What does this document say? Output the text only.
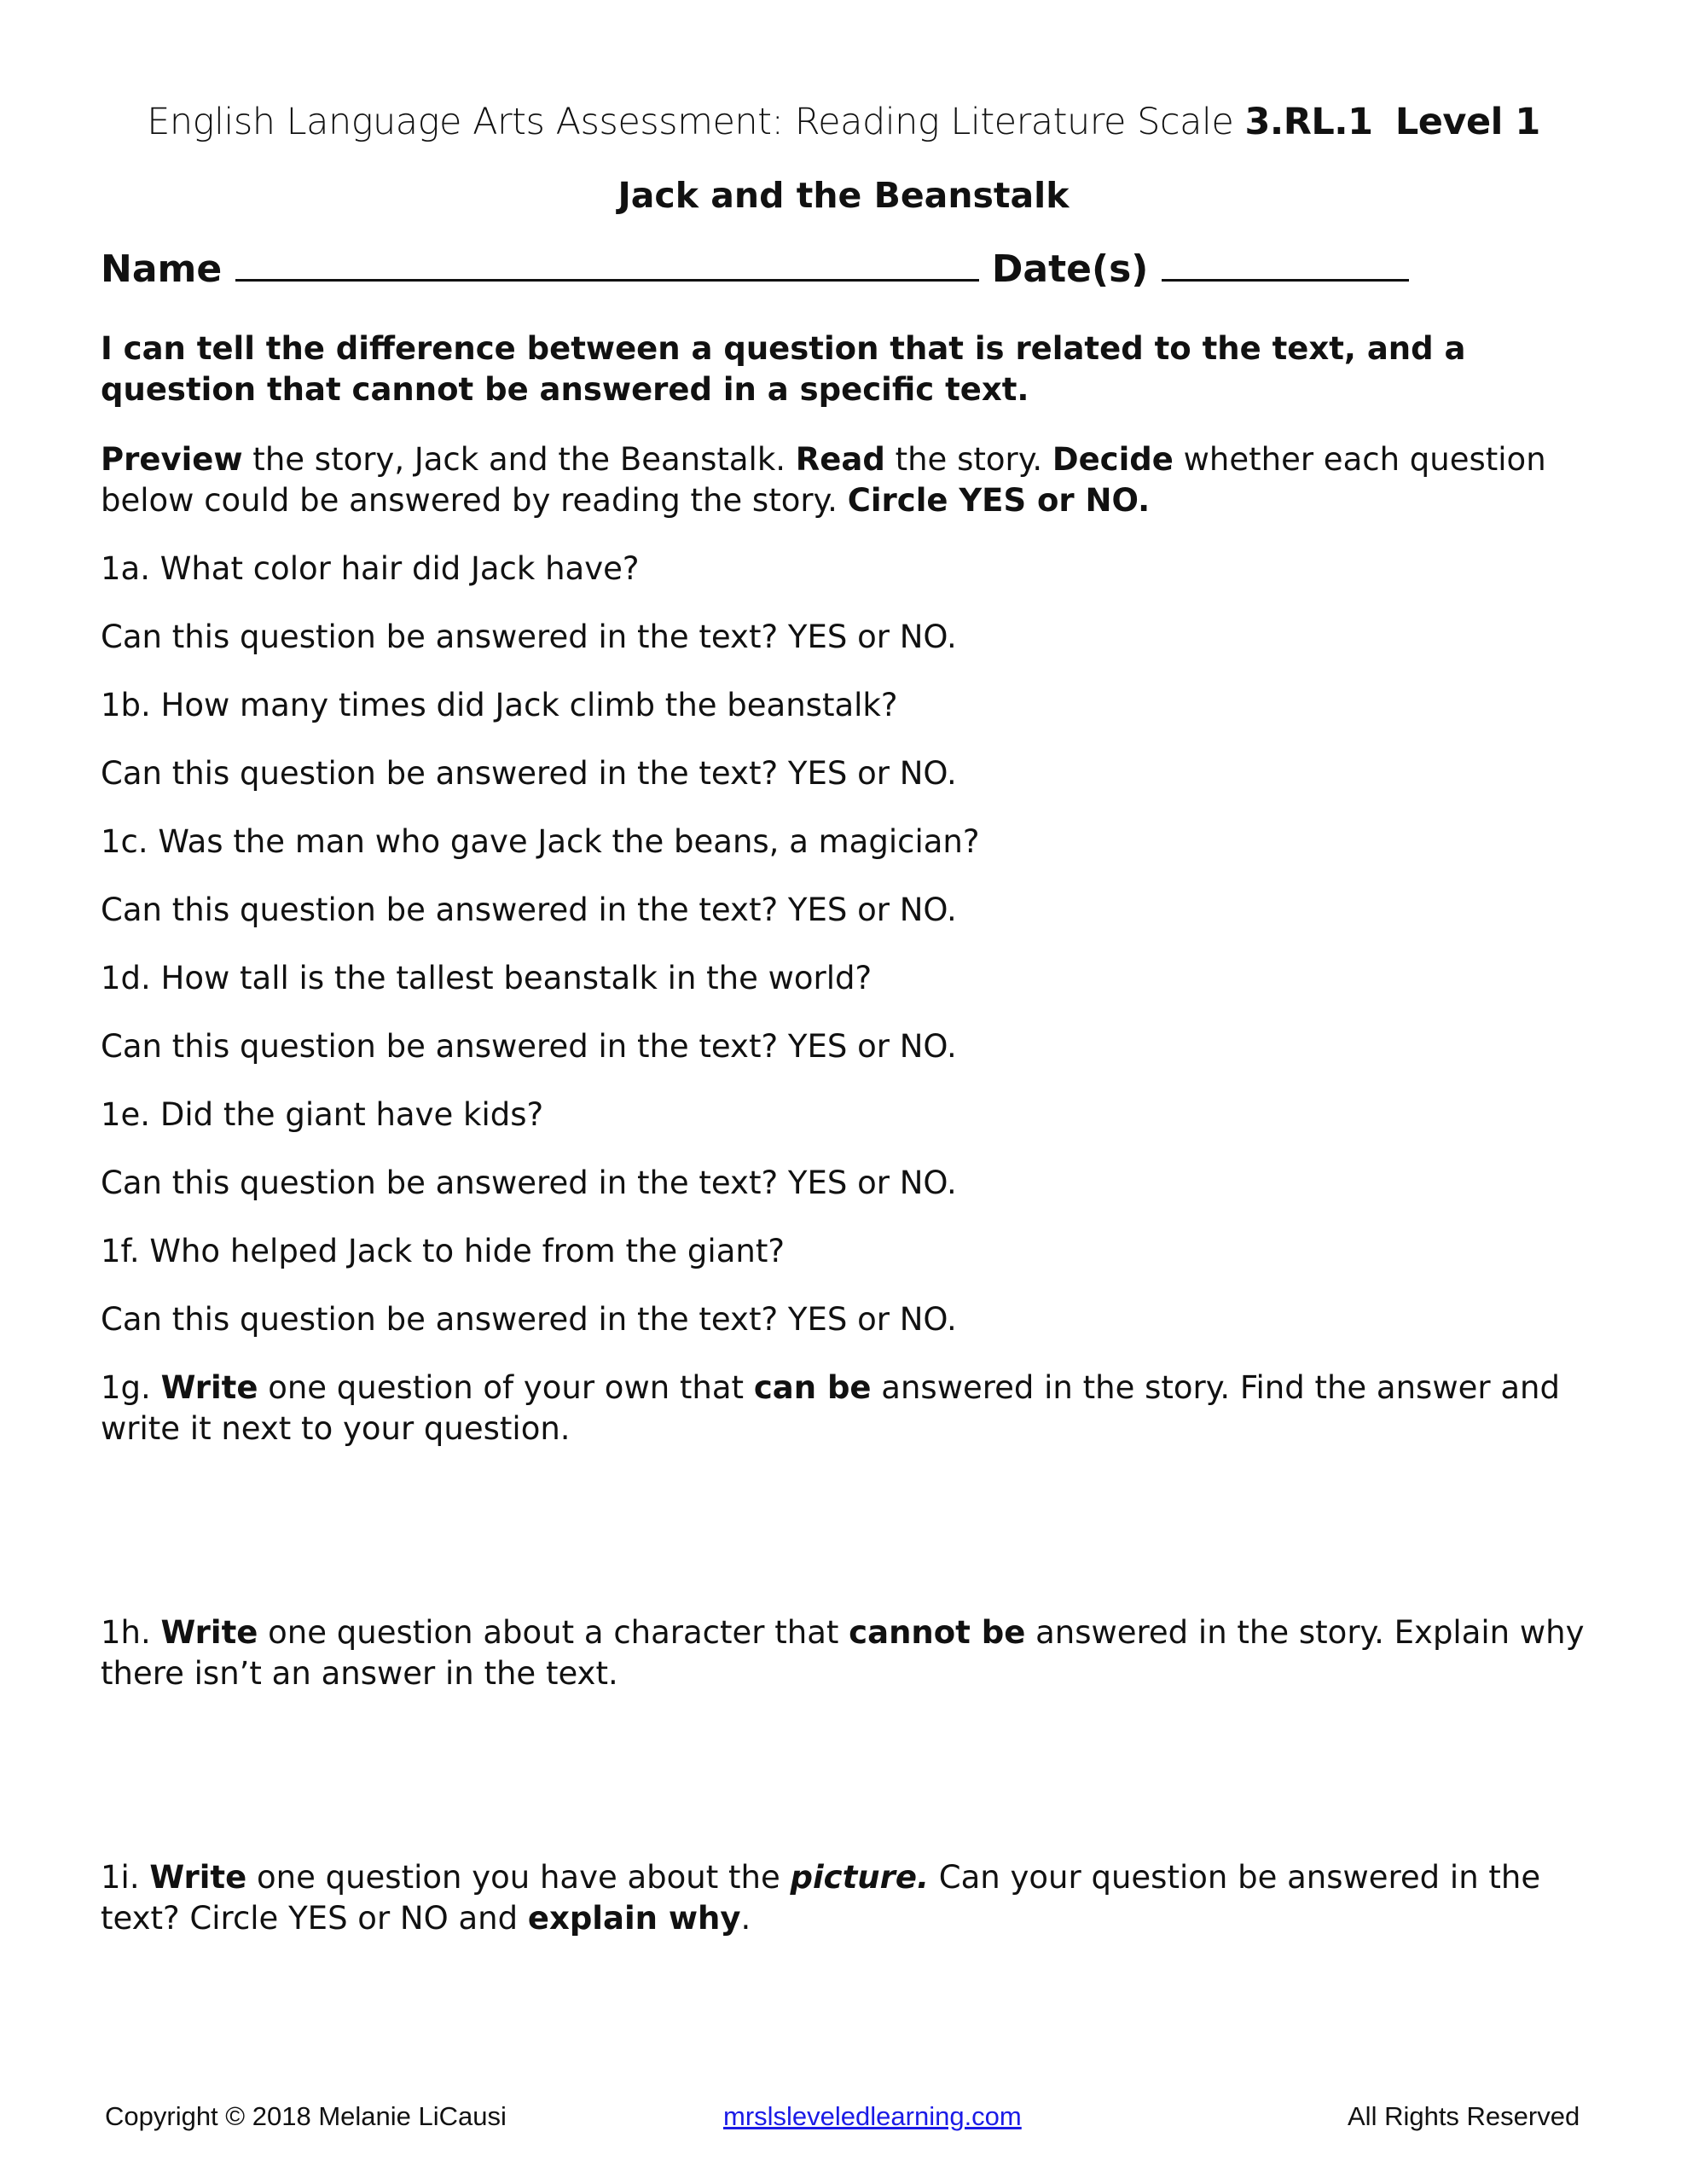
English Language Arts Assessment: Reading Literature Scale 3.RL.1 Level 1
Jack and the Beanstalk
Name	Date(s)
I can tell the difference between a question that is related to the text, and a question that cannot be answered in a specific text.
Preview the story, Jack and the Beanstalk. Read the story. Decide whether each question below could be answered by reading the story. Circle YES or NO.
1a. What color hair did Jack have?
Can this question be answered in the text? YES or NO.
1b. How many times did Jack climb the beanstalk?
Can this question be answered in the text? YES or NO.
1c. Was the man who gave Jack the beans, a magician?
Can this question be answered in the text? YES or NO.
1d. How tall is the tallest beanstalk in the world?
Can this question be answered in the text? YES or NO.
1e. Did the giant have kids?
Can this question be answered in the text? YES or NO.
1f. Who helped Jack to hide from the giant?
Can this question be answered in the text? YES or NO.
1g. Write one question of your own that can be answered in the story. Find the answer and write it next to your question.
1h. Write one question about a character that cannot be answered in the story. Explain why there isn’t an answer in the text.
1i. Write one question you have about the picture. Can your question be answered in the text? Circle YES or NO and explain why.
Copyright © 2018 Melanie LiCausi	mrslsleveledlearning.com	All Rights Reserved
